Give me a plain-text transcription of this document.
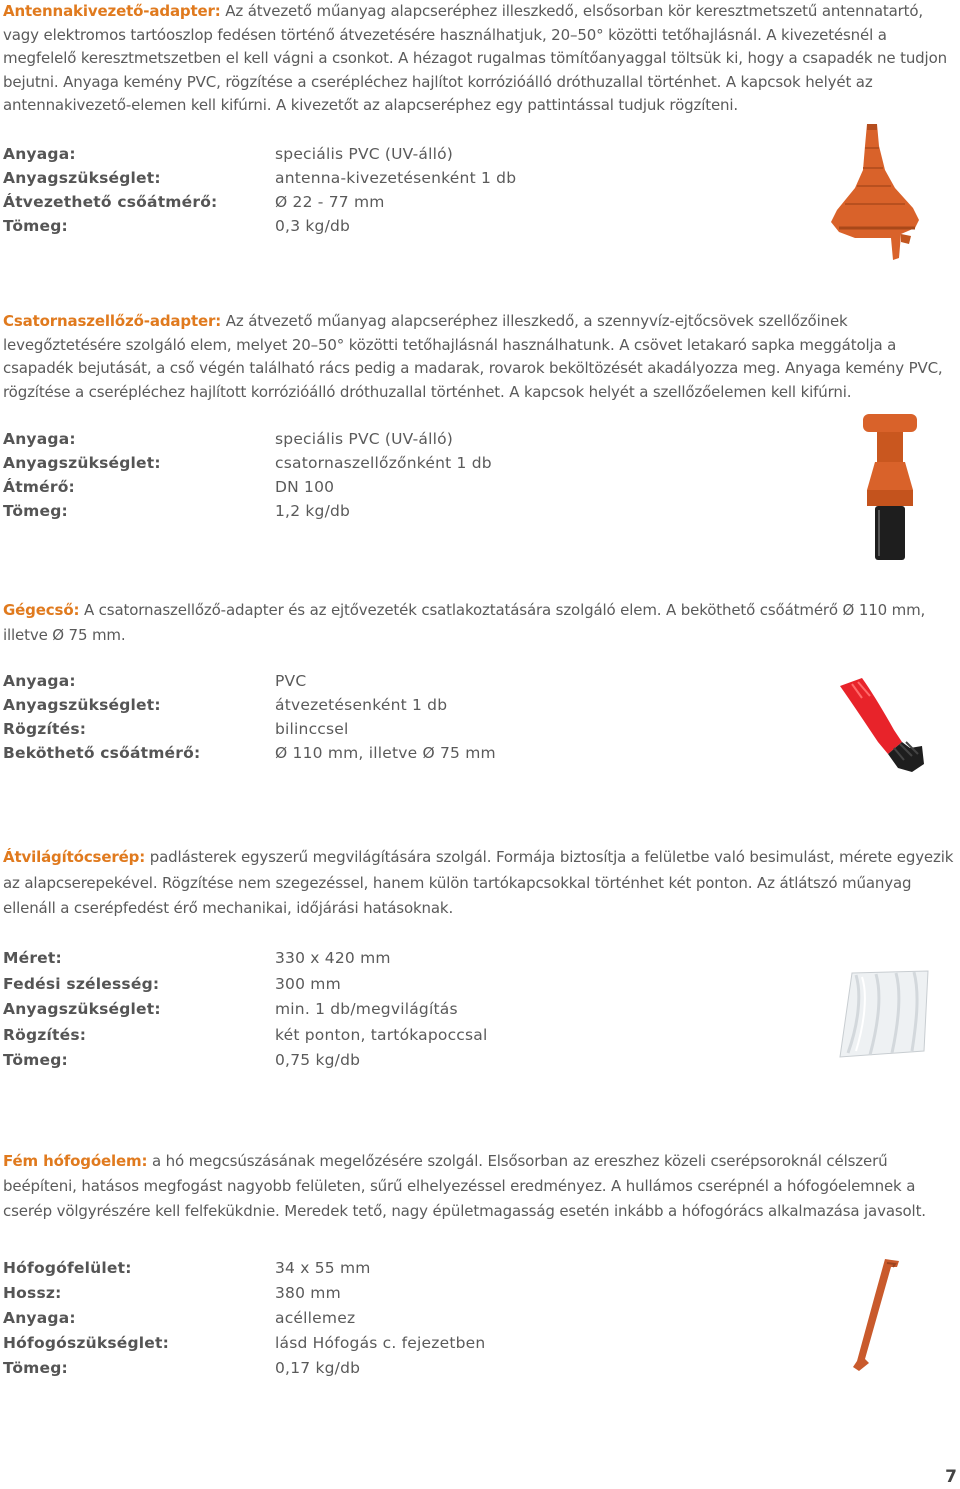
Antennakivezető-adapter: Az átvezető műanyag alapcseréphez illeszkedő, elsősorban kör keresztmetszetű antennatartó, vagy elektromos tartóoszlop fedésen történő átvezetésére használhatjuk, 20–50° közötti tetőhajlásnál. A kivezetésnél a megfelelő keresztmetszetben el kell vágni a csonkot. A hézagot rugalmas tömítőanyaggal töltsük ki, hogy a csapadék ne tudjon bejutni. Anyaga kemény PVC, rögzítése a cserépléchez hajlítot korrózióálló dróthuzallal történhet. A kapcsok helyét az antennakivezető-elemen kell kifúrni. A kivezetőt az alapcseréphez egy pattintással tudjuk rögzíteni.

Anyaga:	speciális PVC (UV-álló)
Anyagszükséglet:	antenna-kivezetésenként 1 db
Átvezethető csőátmérő:	Ø 22 - 77 mm
Tömeg:	0,3 kg/db

Csatornaszellőző-adapter: Az átvezető műanyag alapcseréphez illeszkedő, a szennyvíz-ejtőcsövek szellőzőinek levegőztetésére szolgáló elem, melyet 20–50° közötti tetőhajlásnál használhatunk. A csövet letakaró sapka meggátolja a csapadék bejutását, a cső végén található rács pedig a madarak, rovarok beköltözését akadályozza meg. Anyaga kemény PVC, rögzítése a cserépléchez hajlított korrózióálló dróthuzallal történhet. A kapcsok helyét a szellőzőelemen kell kifúrni.

Anyaga:	speciális PVC (UV-álló)
Anyagszükséglet:	csatornaszellőzőnként 1 db
Átmérő:	DN 100
Tömeg:	1,2 kg/db

Gégecső: A csatornaszellőző-adapter és az ejtővezeték csatlakoztatására szolgáló elem. A beköthető csőátmérő Ø 110 mm, illetve Ø 75 mm.

Anyaga:	PVC
Anyagszükséglet:	átvezetésenként 1 db
Rögzítés:	bilinccsel
Beköthető csőátmérő:	Ø 110 mm, illetve Ø 75 mm

Átvilágítócserép: padlásterek egyszerű megvilágítására szolgál. Formája biztosítja a felületbe való besimulást, mérete egyezik az alapcserepekével. Rögzítése nem szegezéssel, hanem külön tartókapcsokkal történhet két ponton. Az átlátszó műanyag ellenáll a cserépfedést érő mechanikai, időjárási hatásoknak.

Méret:	330 x 420 mm
Fedési szélesség:	300 mm
Anyagszükséglet:	min. 1 db/megvilágítás
Rögzítés:	két ponton, tartókapoccsal
Tömeg:	0,75 kg/db

Fém hófogóelem: a hó megcsúszásának megelőzésére szolgál. Elsősorban az ereszhez közeli cserépsoroknál célszerű beépíteni, hatásos megfogást nagyobb felületen, sűrű elhelyezéssel eredményez. A hullámos cserépnél a hófogóelemnek a cserép völgyrészére kell felfekükdnie. Meredek tető, nagy épületmagasság esetén inkább a hófogórács alkalmazása javasolt.

Hófogófelület:	34 x 55 mm
Hossz:	380 mm
Anyaga:	acéllemez
Hófogószükséglet:	lásd Hófogás c. fejezetben
Tömeg:	0,17 kg/db
7
